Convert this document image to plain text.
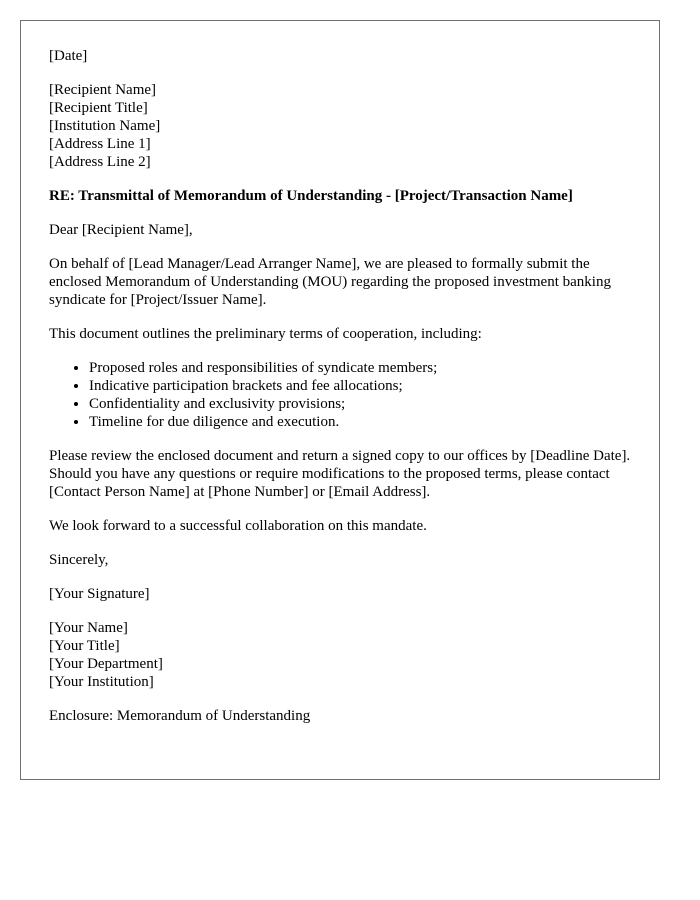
[Date]

[Recipient Name]
[Recipient Title]
[Institution Name]
[Address Line 1]
[Address Line 2]

RE: Transmittal of Memorandum of Understanding - [Project/Transaction Name]

Dear [Recipient Name],

On behalf of [Lead Manager/Lead Arranger Name], we are pleased to formally submit the enclosed Memorandum of Understanding (MOU) regarding the proposed investment banking syndicate for [Project/Issuer Name].

This document outlines the preliminary terms of cooperation, including:

• Proposed roles and responsibilities of syndicate members;
• Indicative participation brackets and fee allocations;
• Confidentiality and exclusivity provisions;
• Timeline for due diligence and execution.

Please review the enclosed document and return a signed copy to our offices by [Deadline Date]. Should you have any questions or require modifications to the proposed terms, please contact [Contact Person Name] at [Phone Number] or [Email Address].

We look forward to a successful collaboration on this mandate.

Sincerely,

[Your Signature]

[Your Name]
[Your Title]
[Your Department]
[Your Institution]

Enclosure: Memorandum of Understanding
